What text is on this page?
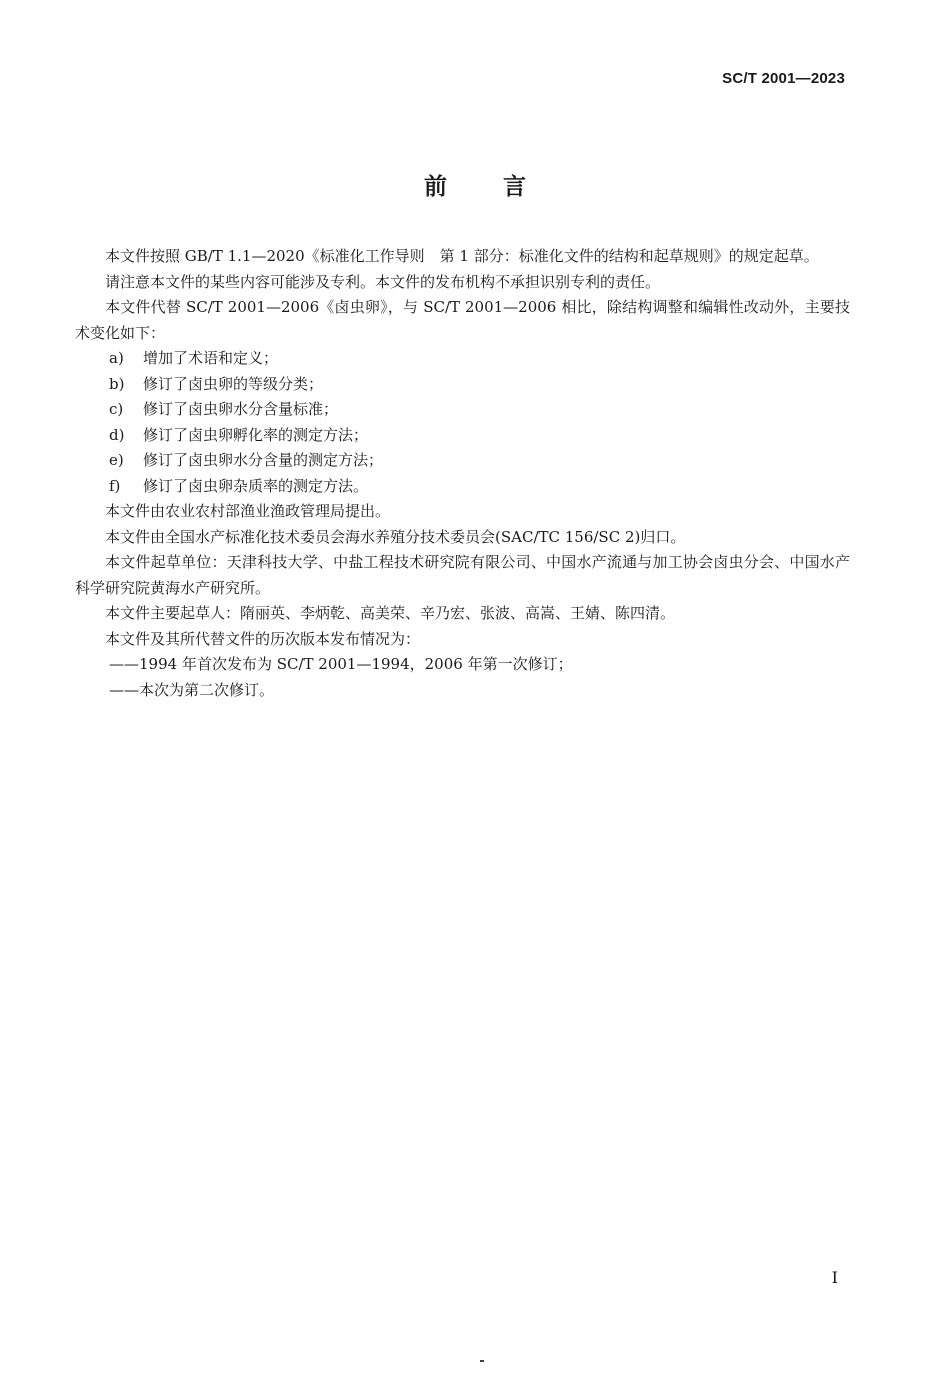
SC/T 2001—2023
前言

本文件按照 GB/T 1.1—2020《标准化工作导则　第 1 部分：标准化文件的结构和起草规则》的规定起草。

请注意本文件的某些内容可能涉及专利。本文件的发布机构不承担识别专利的责任。

本文件代替 SC/T 2001—2006《卤虫卵》，与 SC/T 2001—2006 相比，除结构调整和编辑性改动外，主要技术变化如下：

a) 增加了术语和定义；

b) 修订了卤虫卵的等级分类；

c) 修订了卤虫卵水分含量标准；

d) 修订了卤虫卵孵化率的测定方法；

e) 修订了卤虫卵水分含量的测定方法；

f) 修订了卤虫卵杂质率的测定方法。

本文件由农业农村部渔业渔政管理局提出。

本文件由全国水产标准化技术委员会海水养殖分技术委员会(SAC/TC 156/SC 2)归口。

本文件起草单位：天津科技大学、中盐工程技术研究院有限公司、中国水产流通与加工协会卤虫分会、中国水产科学研究院黄海水产研究所。

本文件主要起草人：隋丽英、李炳乾、高美荣、辛乃宏、张波、高嵩、王婧、陈四清。

本文件及其所代替文件的历次版本发布情况为：

——1994 年首次发布为 SC/T 2001—1994，2006 年第一次修订；

——本次为第二次修订。

I
